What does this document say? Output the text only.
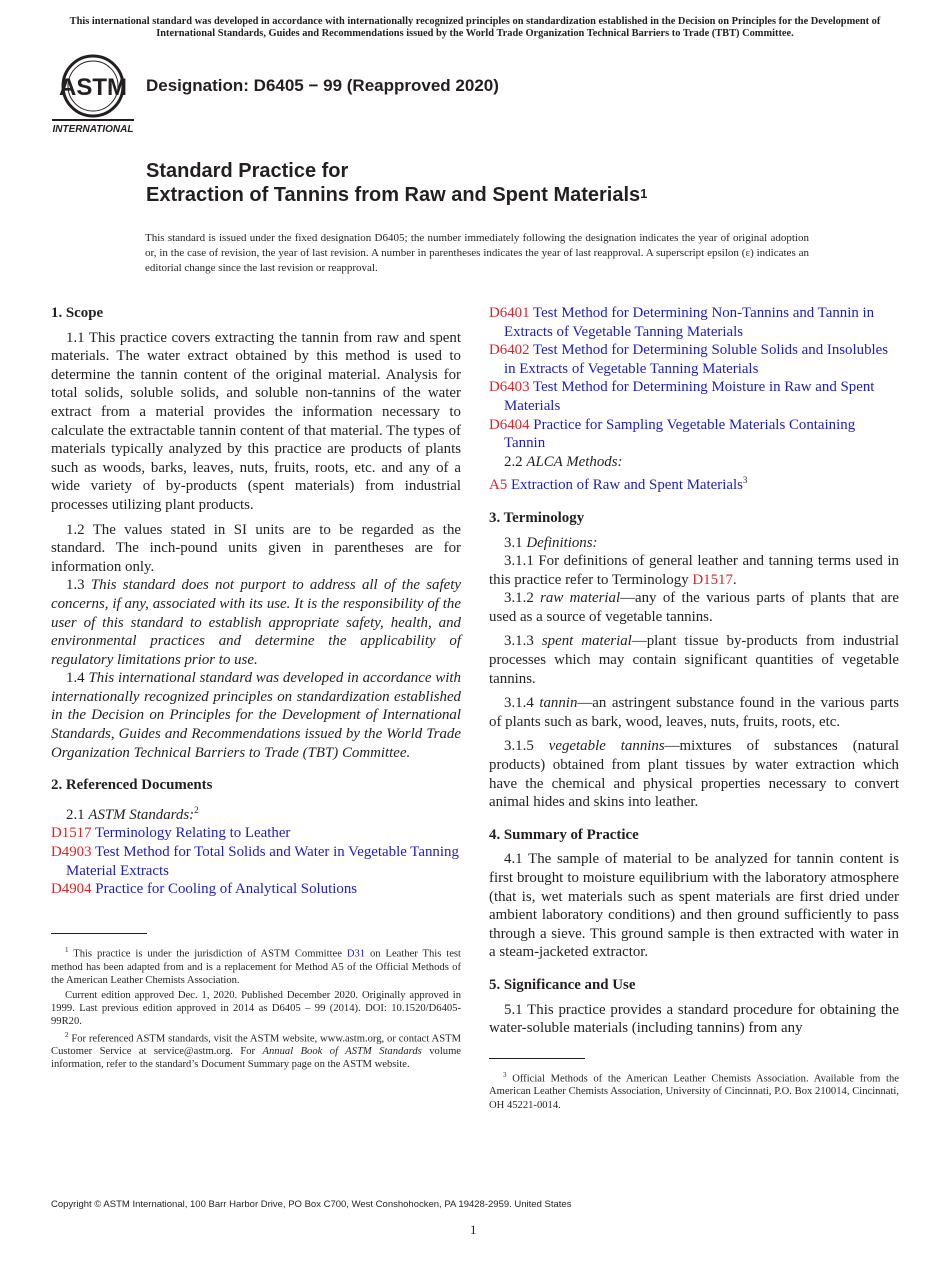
This international standard was developed in accordance with internationally recognized principles on standardization established in the Decision on Principles for the Development of International Standards, Guides and Recommendations issued by the World Trade Organization Technical Barriers to Trade (TBT) Committee.
ASTM
INTERNATIONAL
Designation: D6405 − 99 (Reapproved 2020)
Standard Practice for
Extraction of Tannins from Raw and Spent Materials$^1$
This standard is issued under the fixed designation D6405; the number immediately following the designation indicates the year of original adoption or, in the case of revision, the year of last revision. A number in parentheses indicates the year of last reapproval. A superscript epsilon (ε) indicates an editorial change since the last revision or reapproval.
1. Scope

1.1 This practice covers extracting the tannin from raw and spent materials. The water extract obtained by this method is used to determine the tannin content of the original material. Analysis for total solids, soluble solids, and soluble non-tannins of the water extract from a material provides the information necessary to calculate the extractable tannin content of that material. The types of materials typically analyzed by this practice are products of plants such as woods, barks, leaves, nuts, fruits, roots, etc. and any of a wide variety of by-products (spent materials) from industrial processes utilizing plant products.

1.2 The values stated in SI units are to be regarded as the standard. The inch-pound units given in parentheses are for information only.

1.3 This standard does not purport to address all of the safety concerns, if any, associated with its use. It is the responsibility of the user of this standard to establish appropriate safety, health, and environmental practices and determine the applicability of regulatory limitations prior to use.

1.4 This international standard was developed in accordance with internationally recognized principles on standardization established in the Decision on Principles for the Development of International Standards, Guides and Recommendations issued by the World Trade Organization Technical Barriers to Trade (TBT) Committee.

2. Referenced Documents

2.1 ASTM Standards:$^2$

D1517 Terminology Relating to Leather

D4903 Test Method for Total Solids and Water in Vegetable Tanning Material Extracts

D4904 Practice for Cooling of Analytical Solutions

$^1$ This practice is under the jurisdiction of ASTM Committee D31 on Leather This test method has been adapted from and is a replacement for Method A5 of the Official Methods of the American Leather Chemists Association.

Current edition approved Dec. 1, 2020. Published December 2020. Originally approved in 1999. Last previous edition approved in 2014 as D6405 – 99 (2014). DOI: 10.1520/D6405-99R20.

$^2$ For referenced ASTM standards, visit the ASTM website, www.astm.org, or contact ASTM Customer Service at service@astm.org. For Annual Book of ASTM Standards volume information, refer to the standard’s Document Summary page on the ASTM website.

D6401 Test Method for Determining Non-Tannins and Tannin in Extracts of Vegetable Tanning Materials

D6402 Test Method for Determining Soluble Solids and Insolubles in Extracts of Vegetable Tanning Materials

D6403 Test Method for Determining Moisture in Raw and Spent Materials

D6404 Practice for Sampling Vegetable Materials Containing Tannin

2.2 ALCA Methods:

A5 Extraction of Raw and Spent Materials$^3$

3. Terminology

3.1 Definitions:

3.1.1 For definitions of general leather and tanning terms used in this practice refer to Terminology D1517.

3.1.2 raw material—any of the various parts of plants that are used as a source of vegetable tannins.

3.1.3 spent material—plant tissue by-products from industrial processes which may contain significant quantities of vegetable tannins.

3.1.4 tannin—an astringent substance found in the various parts of plants such as bark, wood, leaves, nuts, fruits, roots, etc.

3.1.5 vegetable tannins—mixtures of substances (natural products) obtained from plant tissues by water extraction which have the chemical and physical properties necessary to convert animal hides and skins into leather.

4. Summary of Practice

4.1 The sample of material to be analyzed for tannin content is first brought to moisture equilibrium with the laboratory atmosphere (that is, wet materials such as spent materials are first dried under ambient laboratory conditions) and then ground sufficiently to pass through a sieve. This ground sample is then extracted with water in a steam-jacketed extractor.

5. Significance and Use

5.1 This practice provides a standard procedure for obtaining the water-soluble materials (including tannins) from any

$^3$ Official Methods of the American Leather Chemists Association. Available from the American Leather Chemists Association, University of Cincinnati, P.O. Box 210014, Cincinnati, OH 45221-0014.

Copyright © ASTM International, 100 Barr Harbor Drive, PO Box C700, West Conshohocken, PA 19428-2959. United States
1
